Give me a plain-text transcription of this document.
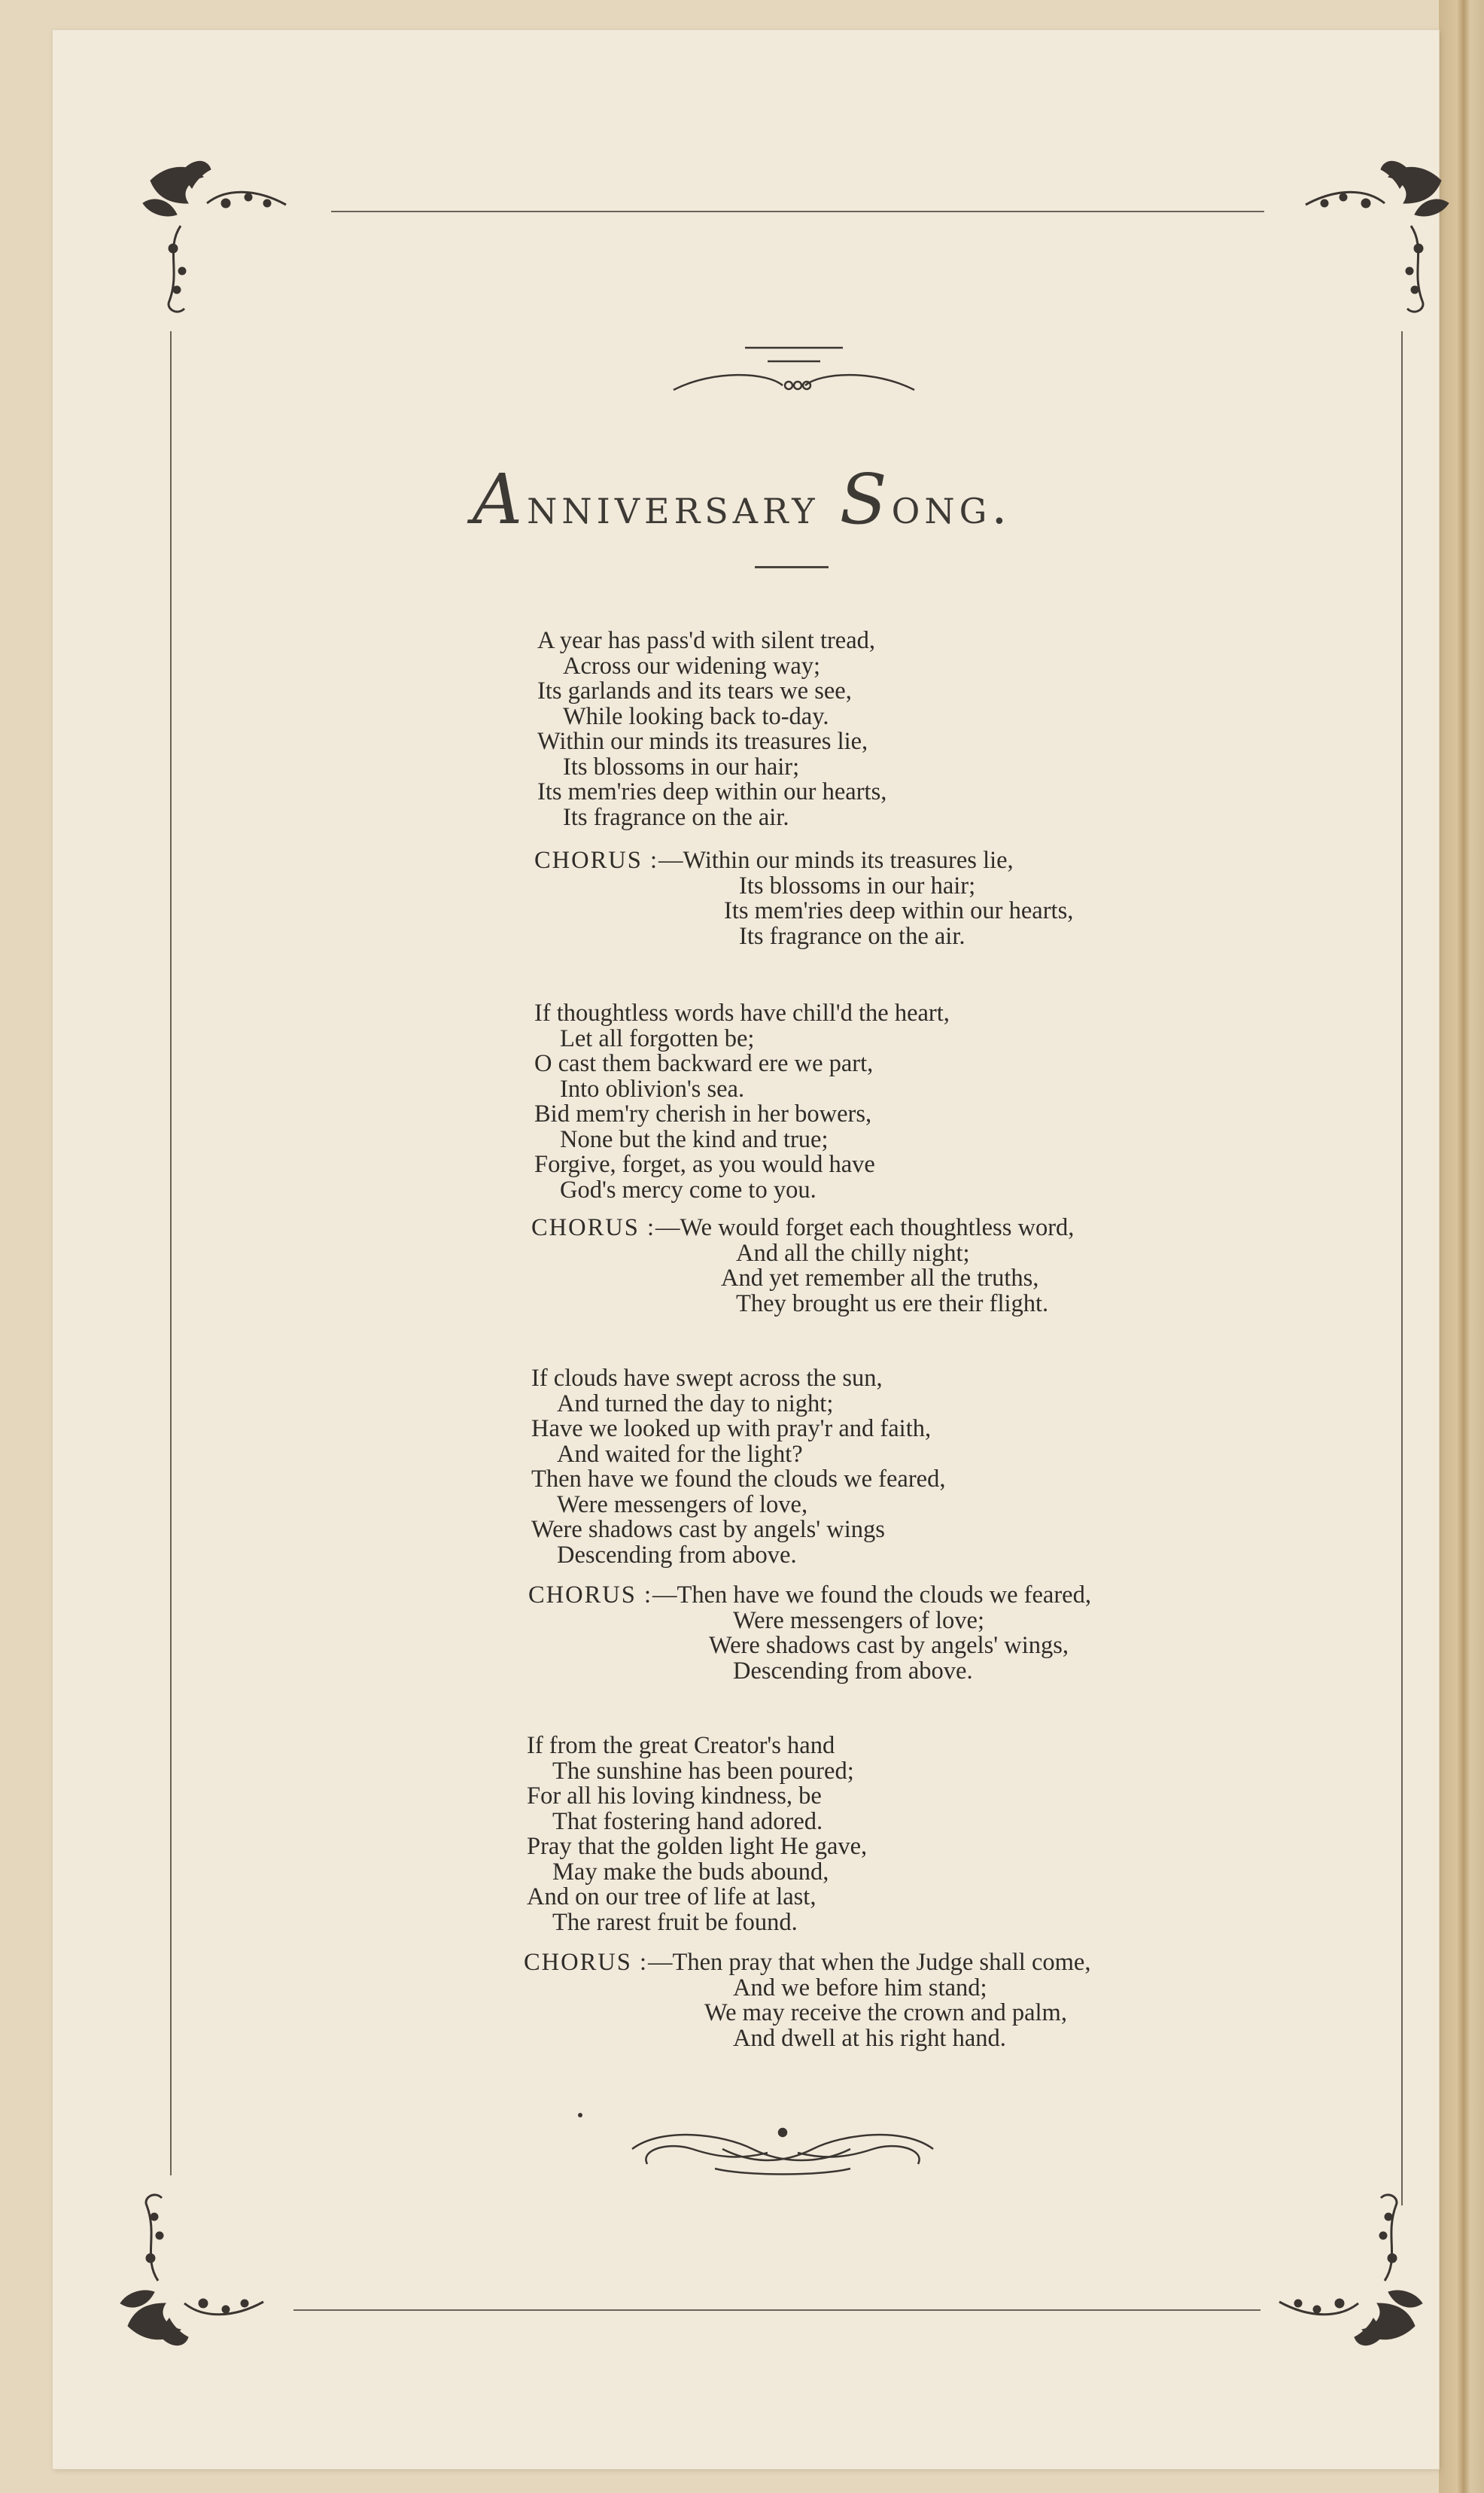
Anniversary Song.
A year has pass'd with silent tread,
Across our widening way;
Its garlands and its tears we see,
While looking back to-day.
Within our minds its treasures lie,
Its blossoms in our hair;
Its mem'ries deep within our hearts,
Its fragrance on the air.
CHORUS :—Within our minds its treasures lie,
Its blossoms in our hair;
Its mem'ries deep within our hearts,
Its fragrance on the air.
If thoughtless words have chill'd the heart,
Let all forgotten be;
O cast them backward ere we part,
Into oblivion's sea.
Bid mem'ry cherish in her bowers,
None but the kind and true;
Forgive, forget, as you would have
God's mercy come to you.
CHORUS :—We would forget each thoughtless word,
And all the chilly night;
And yet remember all the truths,
They brought us ere their flight.
If clouds have swept across the sun,
And turned the day to night;
Have we looked up with pray'r and faith,
And waited for the light?
Then have we found the clouds we feared,
Were messengers of love,
Were shadows cast by angels' wings
Descending from above.
CHORUS :—Then have we found the clouds we feared,
Were messengers of love;
Were shadows cast by angels' wings,
Descending from above.
If from the great Creator's hand
The sunshine has been poured;
For all his loving kindness, be
That fostering hand adored.
Pray that the golden light He gave,
May make the buds abound,
And on our tree of life at last,
The rarest fruit be found.
CHORUS :—Then pray that when the Judge shall come,
And we before him stand;
We may receive the crown and palm,
And dwell at his right hand.
